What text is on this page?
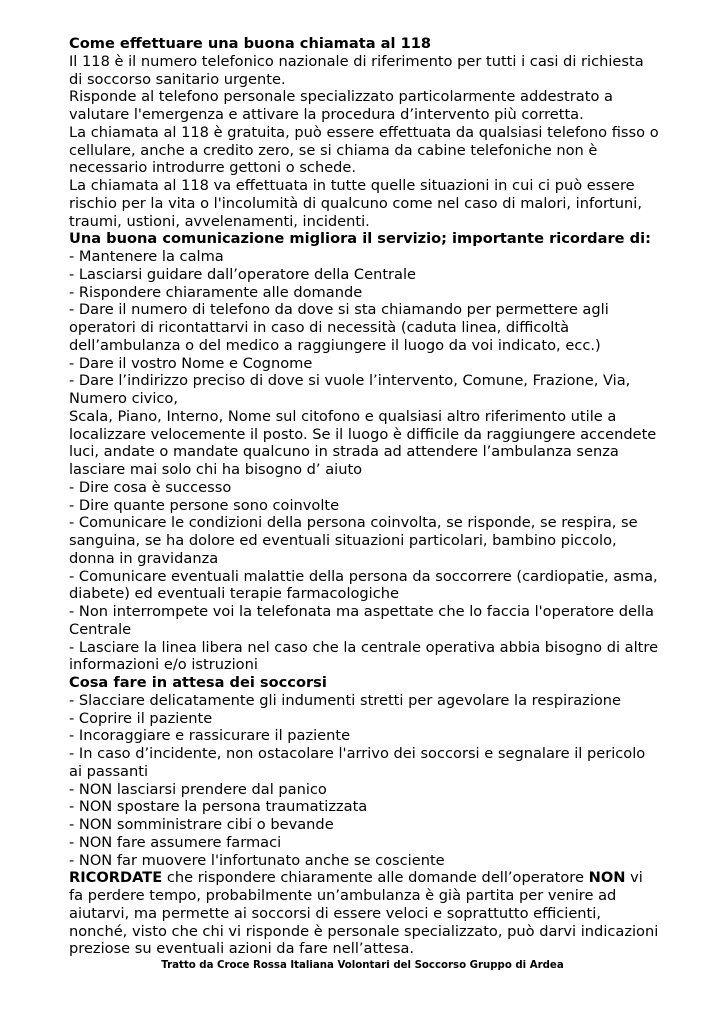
Come effettuare una buona chiamata al 118

Il 118 è il numero telefonico nazionale di riferimento per tutti i casi di richiesta di soccorso sanitario urgente.

Risponde al telefono personale specializzato particolarmente addestrato a valutare l'emergenza e attivare la procedura d’intervento più corretta.

La chiamata al 118 è gratuita, può essere effettuata da qualsiasi telefono fisso o cellulare, anche a credito zero, se si chiama da cabine telefoniche non è necessario introdurre gettoni o schede.

La chiamata al 118 va effettuata in tutte quelle situazioni in cui ci può essere rischio per la vita o l'incolumità di qualcuno come nel caso di malori, infortuni, traumi, ustioni, avvelenamenti, incidenti.

Una buona comunicazione migliora il servizio; importante ricordare di:

- Mantenere la calma

- Lasciarsi guidare dall’operatore della Centrale

- Rispondere chiaramente alle domande

- Dare il numero di telefono da dove si sta chiamando per permettere agli operatori di ricontattarvi in caso di necessità (caduta linea, difficoltà dell’ambulanza o del medico a raggiungere il luogo da voi indicato, ecc.)

- Dare il vostro Nome e Cognome

- Dare l’indirizzo preciso di dove si vuole l’intervento, Comune, Frazione, Via, Numero civico,

Scala, Piano, Interno, Nome sul citofono e qualsiasi altro riferimento utile a localizzare velocemente il posto. Se il luogo è difficile da raggiungere accendete luci, andate o mandate qualcuno in strada ad attendere l’ambulanza senza lasciare mai solo chi ha bisogno d’ aiuto

- Dire cosa è successo

- Dire quante persone sono coinvolte

- Comunicare le condizioni della persona coinvolta, se risponde, se respira, se sanguina, se ha dolore ed eventuali situazioni particolari, bambino piccolo, donna in gravidanza

- Comunicare eventuali malattie della persona da soccorrere (cardiopatie, asma, diabete) ed eventuali terapie farmacologiche

- Non interrompete voi la telefonata ma aspettate che lo faccia l'operatore della Centrale

- Lasciare la linea libera nel caso che la centrale operativa abbia bisogno di altre informazioni e/o istruzioni

Cosa fare in attesa dei soccorsi

- Slacciare delicatamente gli indumenti stretti per agevolare la respirazione

- Coprire il paziente

- Incoraggiare e rassicurare il paziente

- In caso d’incidente, non ostacolare l'arrivo dei soccorsi e segnalare il pericolo ai passanti

- NON lasciarsi prendere dal panico

- NON spostare la persona traumatizzata

- NON somministrare cibi o bevande

- NON fare assumere farmaci

- NON far muovere l'infortunato anche se cosciente

RICORDATE che rispondere chiaramente alle domande dell’operatore NON vi fa perdere tempo, probabilmente un’ambulanza è già partita per venire ad aiutarvi, ma permette ai soccorsi di essere veloci e soprattutto efficienti, nonché, visto che chi vi risponde è personale specializzato, può darvi indicazioni preziose su eventuali azioni da fare nell’attesa.

Tratto da Croce Rossa Italiana Volontari del Soccorso Gruppo di Ardea
